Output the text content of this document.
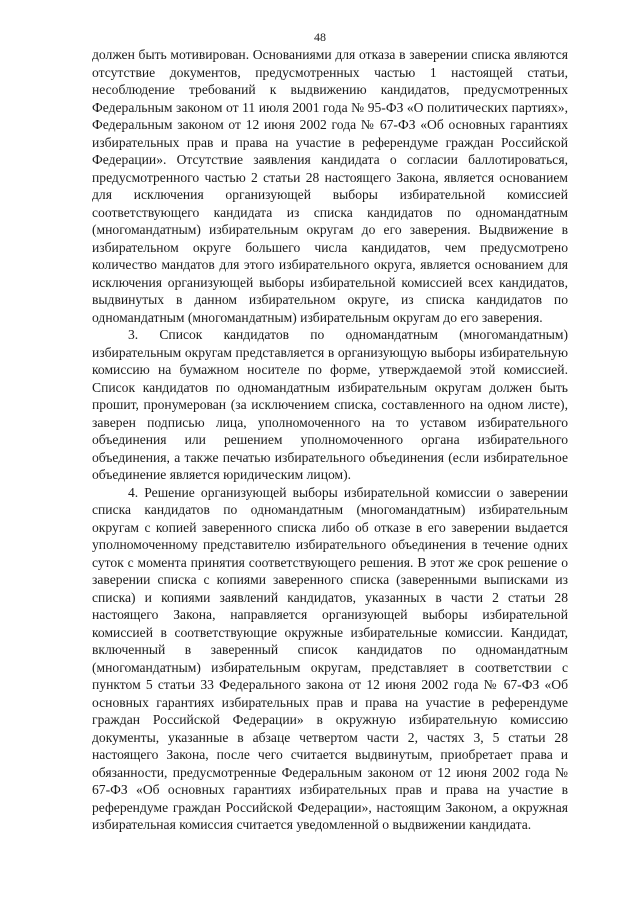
48

должен быть мотивирован. Основаниями для отказа в заверении списка являются отсутствие документов, предусмотренных частью 1 настоящей статьи, несоблюдение требований к выдвижению кандидатов, предусмотренных Федеральным законом от 11 июля 2001 года № 95-ФЗ «О политических партиях», Федеральным законом от 12 июня 2002 года № 67-ФЗ «Об основных гарантиях избирательных прав и права на участие в референдуме граждан Российской Федерации». Отсутствие заявления кандидата о согласии баллотироваться, предусмотренного частью 2 статьи 28 настоящего Закона, является основанием для исключения организующей выборы избирательной комиссией соответствующего кандидата из списка кандидатов по одномандатным (многомандатным) избирательным округам до его заверения. Выдвижение в избирательном округе большего числа кандидатов, чем предусмотрено количество мандатов для этого избирательного округа, является основанием для исключения организующей выборы избирательной комиссией всех кандидатов, выдвинутых в данном избирательном округе, из списка кандидатов по одномандатным (многомандатным) избирательным округам до его заверения.

3. Список кандидатов по одномандатным (многомандатным) избирательным округам представляется в организующую выборы избирательную комиссию на бумажном носителе по форме, утверждаемой этой комиссией. Список кандидатов по одномандатным избирательным округам должен быть прошит, пронумерован (за исключением списка, составленного на одном листе), заверен подписью лица, уполномоченного на то уставом избирательного объединения или решением уполномоченного органа избирательного объединения, а также печатью избирательного объединения (если избирательное объединение является юридическим лицом).

4. Решение организующей выборы избирательной комиссии о заверении списка кандидатов по одномандатным (многомандатным) избирательным округам с копией заверенного списка либо об отказе в его заверении выдается уполномоченному представителю избирательного объединения в течение одних суток с момента принятия соответствующего решения. В этот же срок решение о заверении списка с копиями заверенного списка (заверенными выписками из списка) и копиями заявлений кандидатов, указанных в части 2 статьи 28 настоящего Закона, направляется организующей выборы избирательной комиссией в соответствующие окружные избирательные комиссии. Кандидат, включенный в заверенный список кандидатов по одномандатным (многомандатным) избирательным округам, представляет в соответствии с пунктом 5 статьи 33 Федерального закона от 12 июня 2002 года № 67-ФЗ «Об основных гарантиях избирательных прав и права на участие в референдуме граждан Российской Федерации» в окружную избирательную комиссию документы, указанные в абзаце четвертом части 2, частях 3, 5 статьи 28 настоящего Закона, после чего считается выдвинутым, приобретает права и обязанности, предусмотренные Федеральным законом от 12 июня 2002 года № 67-ФЗ «Об основных гарантиях избирательных прав и права на участие в референдуме граждан Российской Федерации», настоящим Законом, а окружная избирательная комиссия считается уведомленной о выдвижении кандидата.
